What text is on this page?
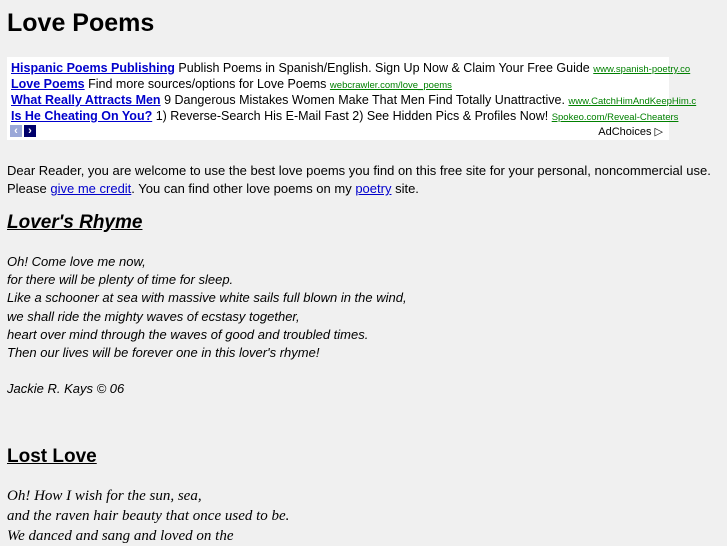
Love Poems
Hispanic Poems Publishing Publish Poems in Spanish/English. Sign Up Now & Claim Your Free Guide www.spanish-poetry.co
Love Poems Find more sources/options for Love Poems webcrawler.com/love_poems
What Really Attracts Men 9 Dangerous Mistakes Women Make That Men Find Totally Unattractive. www.CatchHimAndKeepHim.c
Is He Cheating On You? 1) Reverse-Search His E-Mail Fast 2) See Hidden Pics & Profiles Now! Spokeo.com/Reveal-Cheaters
‹ ›	AdChoices ▷
Dear Reader, you are welcome to use the best love poems you find on this free site for your personal, noncommercial use. Please give me credit. You can find other love poems on my poetry site.
Lover's Rhyme
Oh! Come love me now,
for there will be plenty of time for sleep.
Like a schooner at sea with massive white sails full blown in the wind,
we shall ride the mighty waves of ecstasy together,
heart over mind through the waves of good and troubled times.
Then our lives will be forever one in this lover's rhyme!
Jackie R. Kays © 06
Lost Love
Oh! How I wish for the sun, sea,
and the raven hair beauty that once used to be.
We danced and sang and loved on the
